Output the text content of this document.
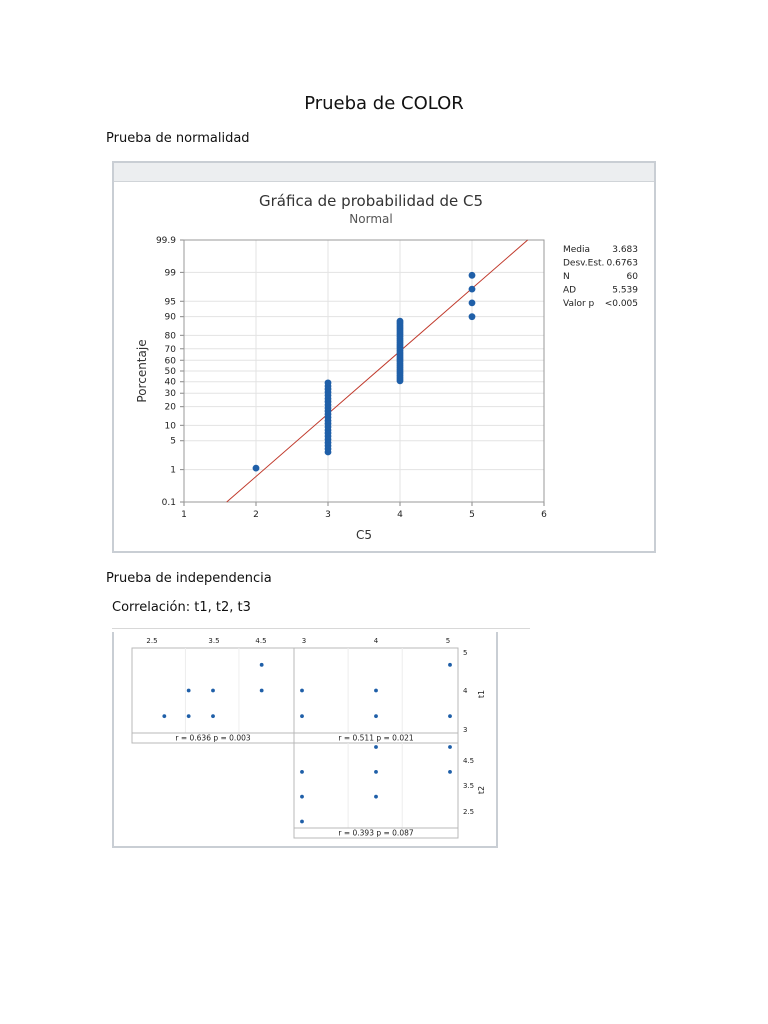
Prueba de COLOR
Prueba de normalidad
Gráfica de probabilidad de C5
Normal
1	2	3	4	5	6
0.1
1
5
10
20
30
40
50
60
70
80
90
95
99
99.9
C5
Porcentaje
Media 3.683
Desv.Est. 0.6763
N	60
AD	5.539
Valor p <0.005
Prueba de independencia
Correlación: t1, t2, t3
r = 0.636 p = 0.003	r = 0.511 p = 0.021
r = 0.393 p = 0.087
2.5	3.5	4.5	3	4	5
5
4
3
4.5
3.5
2.5
t1
t2
